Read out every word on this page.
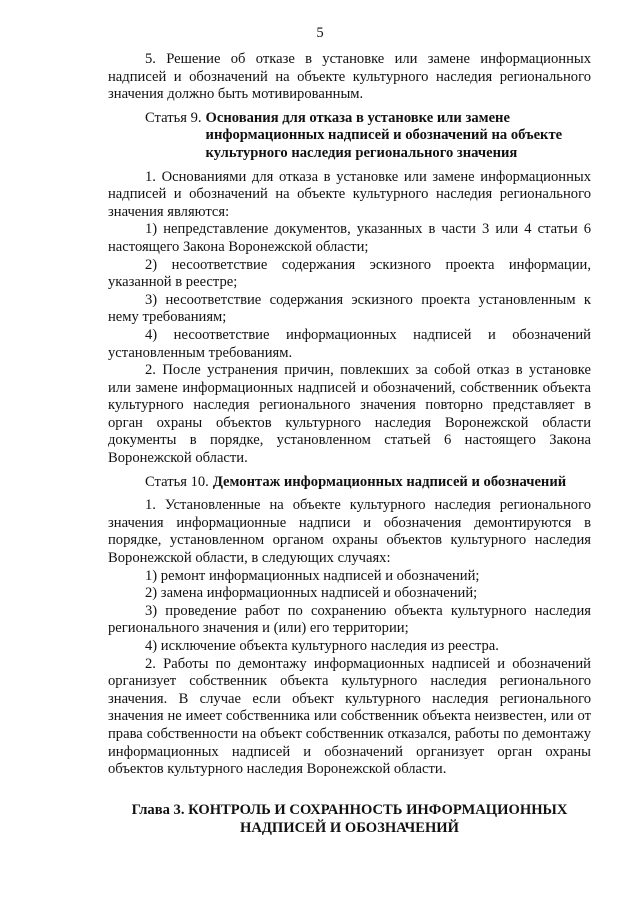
5

5. Решение об отказе в установке или замене информационных надписей и обозначений на объекте культурного наследия регионального значения должно быть мотивированным.

Статья 9. Основания для отказа в установке или замене информационных надписей и обозначений на объекте культурного наследия регионального значения

1. Основаниями для отказа в установке или замене информационных надписей и обозначений на объекте культурного наследия регионального значения являются:

1) непредставление документов, указанных в части 3 или 4 статьи 6 настоящего Закона Воронежской области;

2) несоответствие содержания эскизного проекта информации, указанной в реестре;

3) несоответствие содержания эскизного проекта установленным к нему требованиям;

4) несоответствие информационных надписей и обозначений установленным требованиям.

2. После устранения причин, повлекших за собой отказ в установке или замене информационных надписей и обозначений, собственник объекта культурного наследия регионального значения повторно представляет в орган охраны объектов культурного наследия Воронежской области документы в порядке, установленном статьей 6 настоящего Закона Воронежской области.

Статья 10. Демонтаж информационных надписей и обозначений

1. Установленные на объекте культурного наследия регионального значения информационные надписи и обозначения демонтируются в порядке, установленном органом охраны объектов культурного наследия Воронежской области, в следующих случаях:

1) ремонт информационных надписей и обозначений;

2) замена информационных надписей и обозначений;

3) проведение работ по сохранению объекта культурного наследия регионального значения и (или) его территории;

4) исключение объекта культурного наследия из реестра.

2. Работы по демонтажу информационных надписей и обозначений организует собственник объекта культурного наследия регионального значения. В случае если объект культурного наследия регионального значения не имеет собственника или собственник объекта неизвестен, или от права собственности на объект собственник отказался, работы по демонтажу информационных надписей и обозначений организует орган охраны объектов культурного наследия Воронежской области.

Глава 3. КОНТРОЛЬ И СОХРАННОСТЬ ИНФОРМАЦИОННЫХ
НАДПИСЕЙ И ОБОЗНАЧЕНИЙ
